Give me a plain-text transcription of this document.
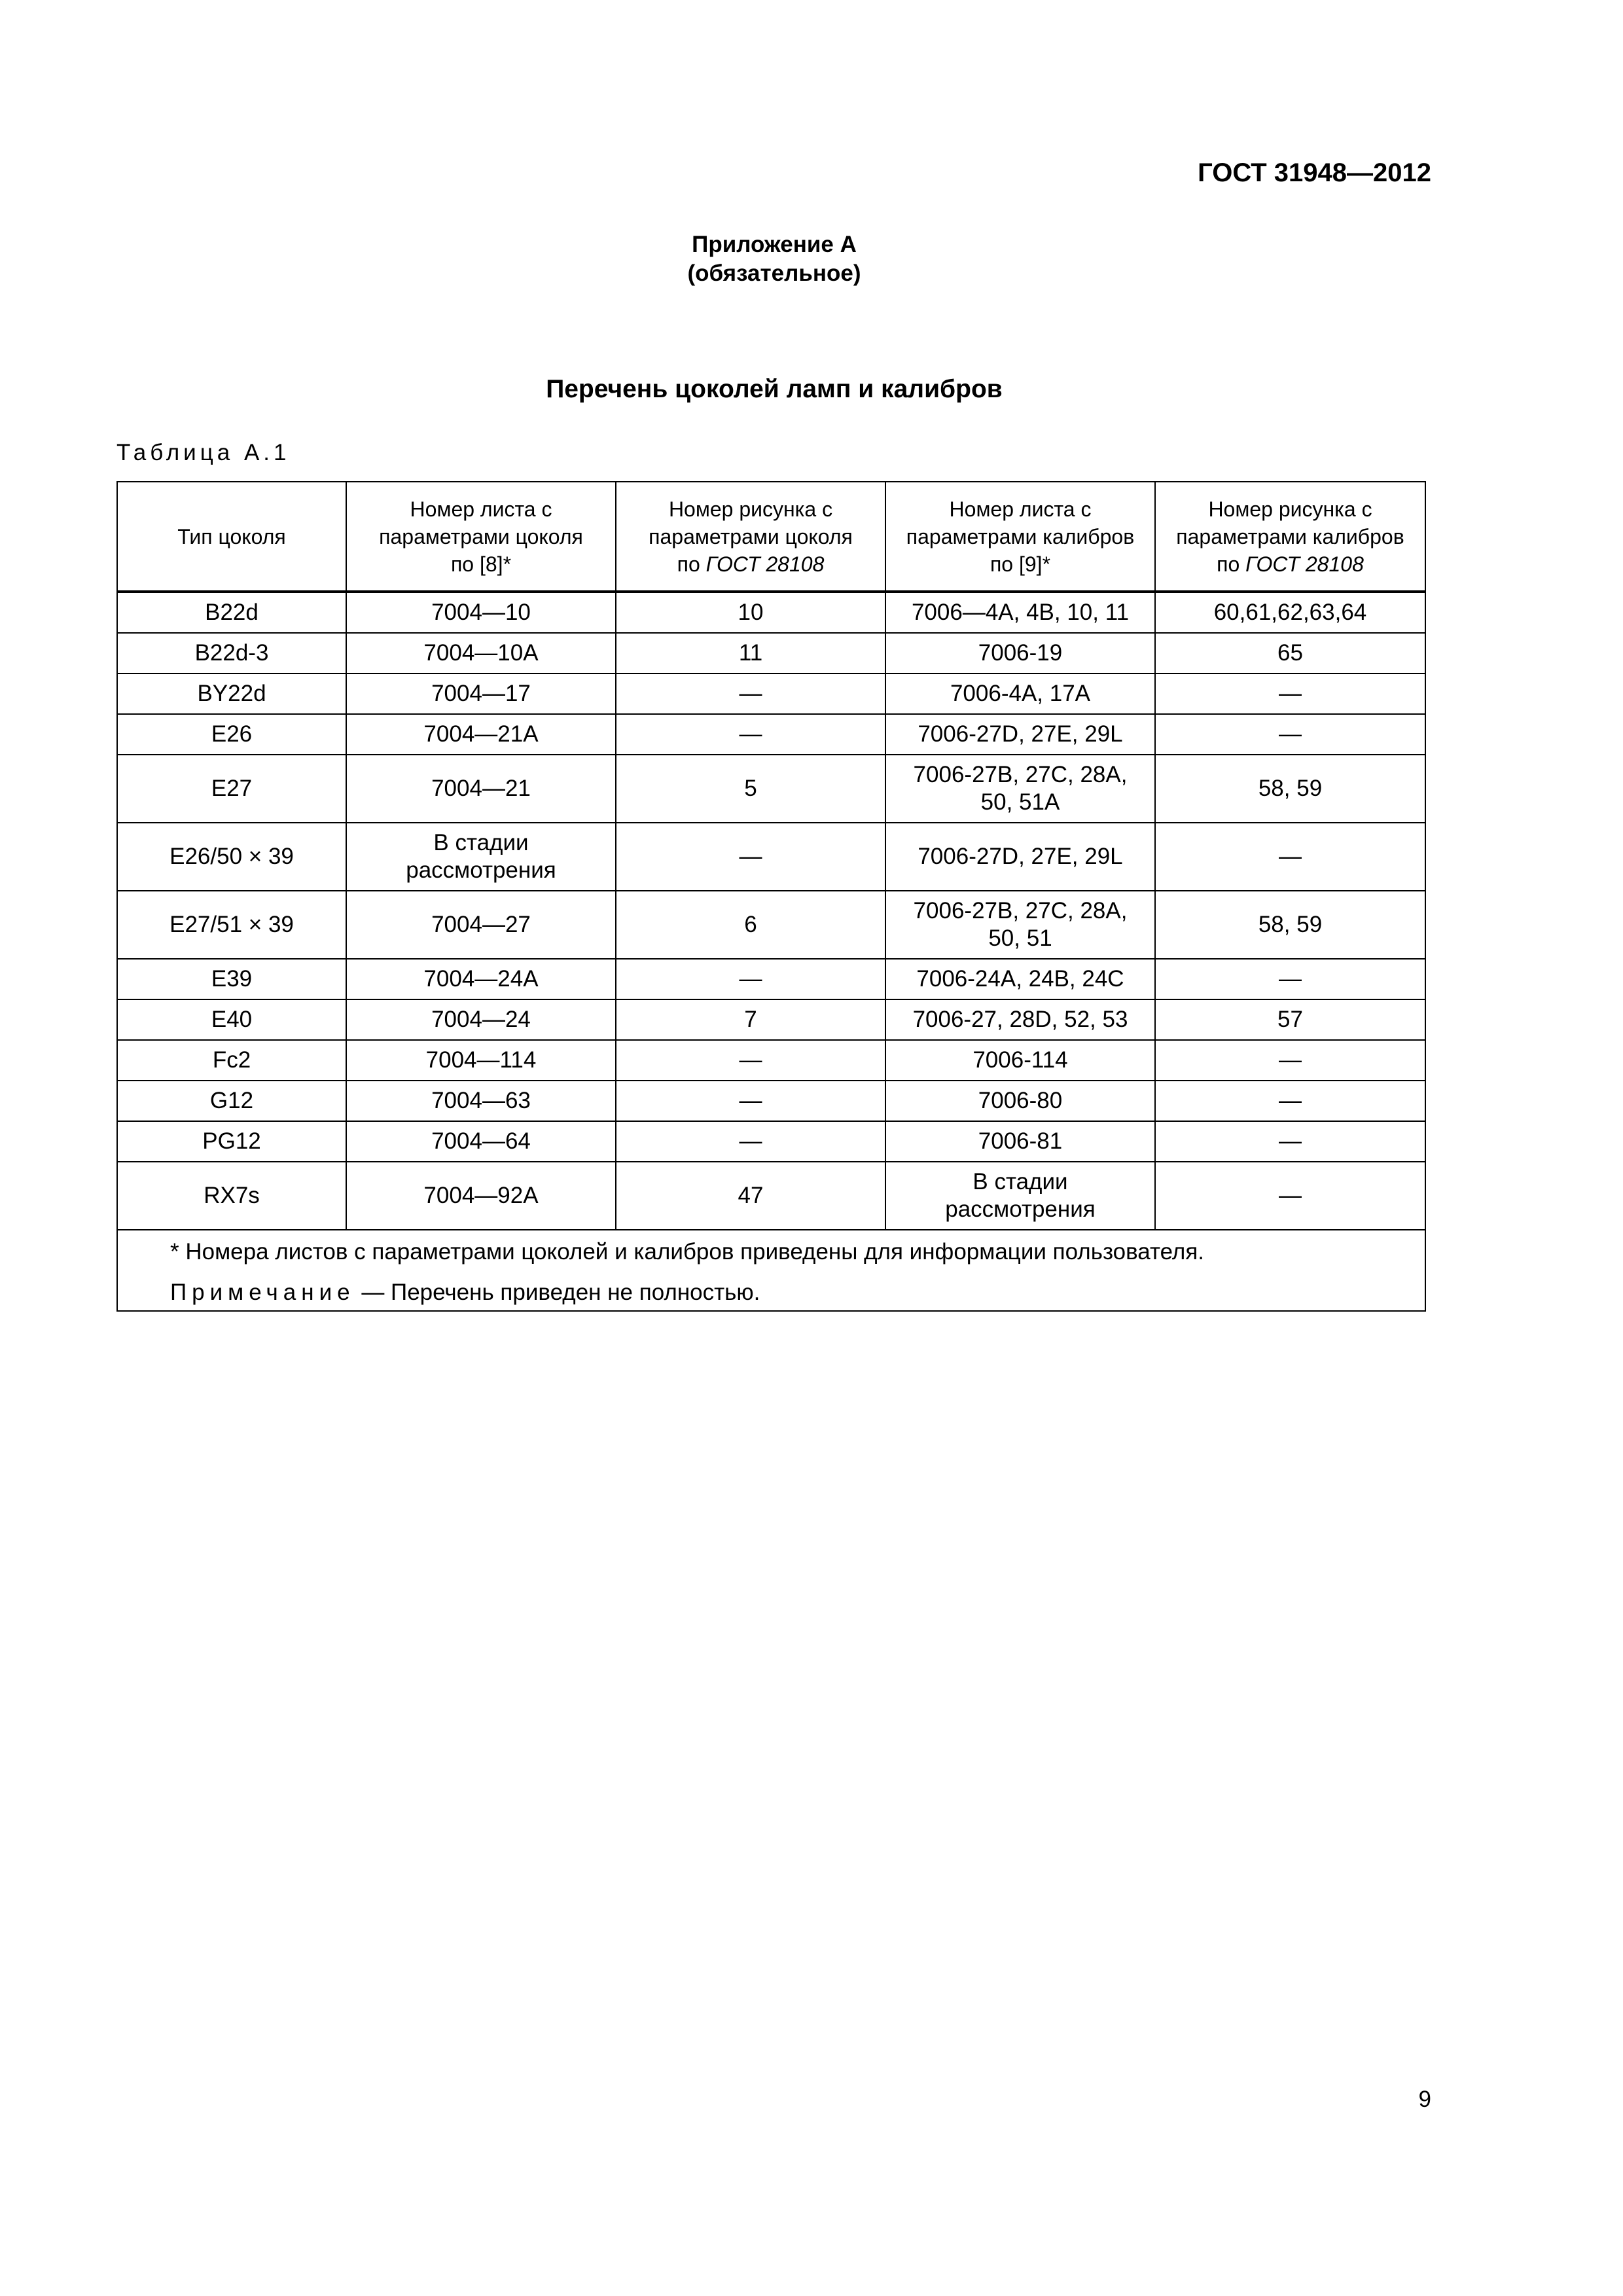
ГОСТ 31948—2012
Приложение А
(обязательное)
Перечень цоколей ламп и калибров
Таблица А.1
Тип цоколя	Номер листа с
параметрами цоколя
по [8]*	Номер рисунка с
параметрами цоколя
по ГОСТ 28108	Номер листа с
параметрами калибров
по [9]*	Номер рисунка с
параметрами калибров
по ГОСТ 28108
B22d	7004—10	10	7006—4A, 4B, 10, 11	60,61,62,63,64
B22d-3	7004—10A	11	7006-19	65
BY22d	7004—17	—	7006-4A, 17A	—
E26	7004—21A	—	7006-27D, 27E, 29L	—
E27	7004—21	5	7006-27B, 27C, 28A,
50, 51A	58, 59
E26/50 × 39	В стадии
рассмотрения	—	7006-27D, 27E, 29L	—
E27/51 × 39	7004—27	6	7006-27B, 27C, 28A,
50, 51	58, 59
E39	7004—24A	—	7006-24A, 24B, 24C	—
E40	7004—24	7	7006-27, 28D, 52, 53	57
Fc2	7004—114	—	7006-114	—
G12	7004—63	—	7006-80	—
PG12	7004—64	—	7006-81	—
RX7s	7004—92A	47	В стадии
рассмотрения	—

* Номера листов с параметрами цоколей и калибров приведены для информации пользователя.
Примечание — Перечень приведен не полностью.				
9
